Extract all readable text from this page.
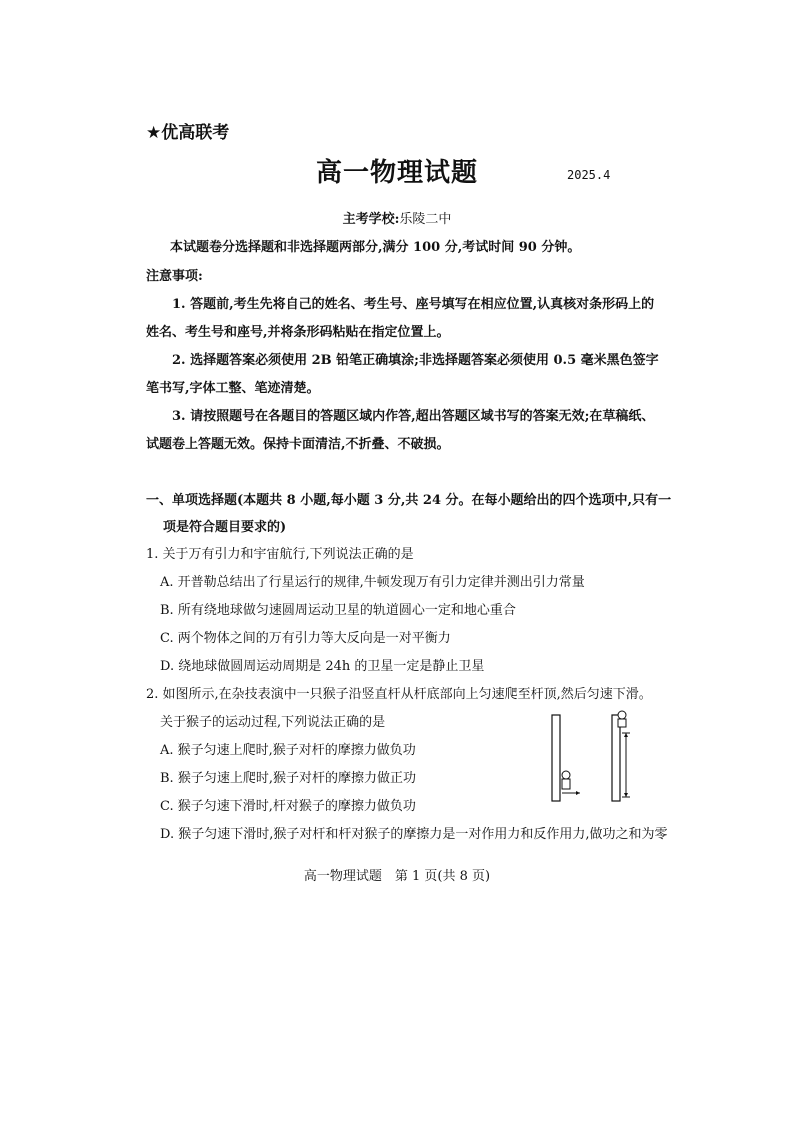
★优高联考
高一物理试题	2025.4
主考学校:乐陵二中
本试题卷分选择题和非选择题两部分,满分 100 分,考试时间 90 分钟。
注意事项:
1. 答题前,考生先将自己的姓名、考生号、座号填写在相应位置,认真核对条形码上的
姓名、考生号和座号,并将条形码粘贴在指定位置上。
2. 选择题答案必须使用 2B 铅笔正确填涂;非选择题答案必须使用 0.5 毫米黑色签字
笔书写,字体工整、笔迹清楚。
3. 请按照题号在各题目的答题区域内作答,超出答题区域书写的答案无效;在草稿纸、
试题卷上答题无效。保持卡面清洁,不折叠、不破损。
一、单项选择题(本题共 8 小题,每小题 3 分,共 24 分。在每小题给出的四个选项中,只有一
项是符合题目要求的)
1. 关于万有引力和宇宙航行,下列说法正确的是
A. 开普勒总结出了行星运行的规律,牛顿发现万有引力定律并测出引力常量
B. 所有绕地球做匀速圆周运动卫星的轨道圆心一定和地心重合
C. 两个物体之间的万有引力等大反向是一对平衡力
D. 绕地球做圆周运动周期是 24h 的卫星一定是静止卫星
2. 如图所示,在杂技表演中一只猴子沿竖直杆从杆底部向上匀速爬至杆顶,然后匀速下滑。
关于猴子的运动过程,下列说法正确的是
A. 猴子匀速上爬时,猴子对杆的摩擦力做负功
B. 猴子匀速上爬时,猴子对杆的摩擦力做正功
C. 猴子匀速下滑时,杆对猴子的摩擦力做负功
D. 猴子匀速下滑时,猴子对杆和杆对猴子的摩擦力是一对作用力和反作用力,做功之和为零
高一物理试题　第 1 页(共 8 页)
